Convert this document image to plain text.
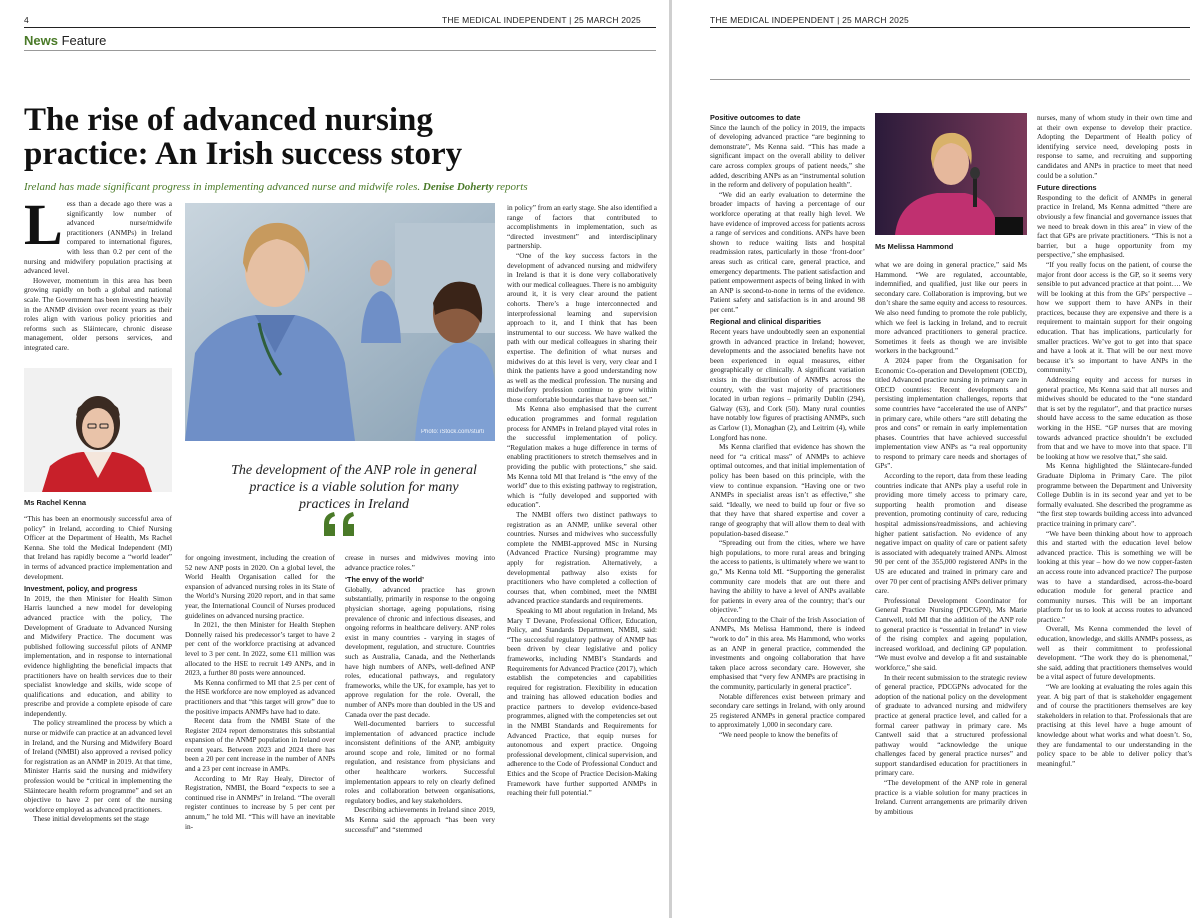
4	THE MEDICAL INDEPENDENT | 25 MARCH 2025
News Feature
The rise of advanced nursing practice: An Irish success story
Ireland has made significant progress in implementing advanced nurse and midwife roles. Denise Doherty reports

Less than a decade ago there was a significantly low number of advanced nurse/midwife practitioners (ANMPs) in Ireland compared to international figures, with less than 0.2 per cent of the nursing and midwifery population practising at advanced level.

However, momentum in this area has been growing rapidly on both a global and national scale. The Government has been investing heavily in the ANMP division over recent years as their roles align with various policy priorities and reforms such as Sláintecare, chronic disease management, older persons services, and integrated care.

Ms Rachel Kenna

“This has been an enormously successful area of policy” in Ireland, according to Chief Nursing Officer at the Department of Health, Ms Rachel Kenna. She told the Medical Independent (MI) that Ireland has rapidly become a “world leader” in terms of advanced practice implementation and development.

Investment, policy, and progress

In 2019, the then Minister for Health Simon Harris launched a new model for developing advanced practice with the policy, The Development of Graduate to Advanced Nursing and Midwifery Practice. The document was published following successful pilots of ANMP implementation, and in response to international evidence highlighting the beneficial impacts that practitioners have on health services due to their specialist knowledge and skills, wide scope of qualifications and education, and ability to prescribe and provide a complete episode of care independently.

The policy streamlined the process by which a nurse or midwife can practice at an advanced level in Ireland, and the Nursing and Midwifery Board of Ireland (NMBI) also approved a revised policy for registration as an ANMP in 2019. At that time, Minister Harris said the nursing and midwifery profession would be “critical in implementing the Sláintecare health reform programme” and set an objective to have 2 per cent of the nursing workforce employed as advanced practitioners.

These initial developments set the stage

Photo: iStock.com/sturti
The development of the ANP role in general practice is a viable solution for many practices in Ireland

for ongoing investment, including the creation of 52 new ANP posts in 2020. On a global level, the World Health Organisation called for the expansion of advanced nursing roles in its State of the World’s Nursing 2020 report, and in that same year, the International Council of Nurses produced guidelines on advanced nursing practice.

In 2021, the then Minister for Health Stephen Donnelly raised his predecessor’s target to have 2 per cent of the workforce practising at advanced level to 3 per cent. In 2022, some €11 million was allocated to the HSE to recruit 149 ANPs, and in 2023, a further 80 posts were announced.

Ms Kenna confirmed to MI that 2.5 per cent of the HSE workforce are now employed as advanced practitioners and that “this target will grow” due to the positive impacts ANMPs have had to date.

Recent data from the NMBI State of the Register 2024 report demonstrates this substantial expansion of the ANMP population in Ireland over recent years. Between 2023 and 2024 there has been a 20 per cent increase in the number of ANPs and a 23 per cent increase in AMPs.

According to Mr Ray Healy, Director of Registration, NMBI, the Board “expects to see a continued rise in ANMPs” in Ireland. “The overall register continues to increase by 5 per cent per annum,” he told MI. “This will have an inevitable in-

crease in nurses and midwives moving into advance practice roles.”

‘The envy of the world’

Globally, advanced practice has grown substantially, primarily in response to the ongoing physician shortage, ageing populations, rising prevalence of chronic and infectious diseases, and ongoing reforms in healthcare delivery. ANP roles exist in many countries - varying in stages of development, regulation, and structure. Countries such as Australia, Canada, and the Netherlands have high numbers of ANPs, well-defined ANP roles, educational pathways, and regulatory frameworks, while the UK, for example, has yet to approve regulation for the role. Overall, the number of ANPs more than doubled in the US and Canada over the past decade.

Well-documented barriers to successful implementation of advanced practice include inconsistent definitions of the ANP, ambiguity around scope and role, limited or no formal regulation, and resistance from physicians and other healthcare workers. Successful implementation appears to rely on clearly defined roles and collaboration between organisations, regulatory bodies, and key stakeholders.

Describing achievements in Ireland since 2019, Ms Kenna said the approach “has been very successful” and “stemmed

in policy” from an early stage. She also identified a range of factors that contributed to accomplishments in implementation, such as “directed investment” and interdisciplinary partnership.

“One of the key success factors in the development of advanced nursing and midwifery in Ireland is that it is done very collaboratively with our medical colleagues. There is no ambiguity around it, it is very clear around the patient cohorts. There’s a huge interconnected and interprofessional learning and supervision approach to it, and I think that has been instrumental to our success. We have walked the path with our medical colleagues in sharing their expertise. The definition of what nurses and midwives do at this level is very, very clear and I think the patients have a good understanding now as well as the medical profession. The nursing and midwifery profession continue to grow within those comfortable boundaries that have been set.”

Ms Kenna also emphasised that the current education programmes and formal regulation process for ANMPs in Ireland played vital roles in the successful implementation of policy. “Regulation makes a huge difference in terms of enabling practitioners to stretch themselves and in providing the public with protections,” she said. Ms Kenna told MI that Ireland is “the envy of the world” due to this existing pathway to registration, which is “fully developed and supported with education”.

The NMBI offers two distinct pathways to registration as an ANMP, unlike several other countries. Nurses and midwives who successfully complete the NMBI-approved MSc in Nursing (Advanced Practice Nursing) programme may apply for registration. Alternatively, a developmental pathway also exists for practitioners who have completed a collection of courses that, when combined, meet the NMBI advanced practice standards and requirements.

Speaking to MI about regulation in Ireland, Ms Mary T Devane, Professional Officer, Education, Policy, and Standards Department, NMBI, said: “The successful regulatory pathway of ANMP has been driven by clear legislative and policy frameworks, including NMBI’s Standards and Requirements for Advanced Practice (2017), which establish the competencies and capabilities required for registration. Flexibility in education and training has allowed education bodies and practice partners to develop evidence-based programmes, aligned with the competencies set out in the NMBI Standards and Requirements for Advanced Practice, that equip nurses for autonomous and expert practice. Ongoing professional development, clinical supervision, and adherence to the Code of Professional Conduct and Ethics and the Scope of Practice Decision-Making Framework have further supported ANMPs in reaching their full potential.”

THE MEDICAL INDEPENDENT | 25 MARCH 2025
Positive outcomes to date

Since the launch of the policy in 2019, the impacts of developing advanced practice “are beginning to demonstrate”, Ms Kenna said. “This has made a significant impact on the overall ability to deliver care across complex groups of patient needs,” she added, describing ANPs as an “instrumental solution in the reform and delivery of population health”.

“We did an early evaluation to determine the broader impacts of having a percentage of our workforce operating at that really high level. We have evidence of improved access for patients across a range of services and conditions. ANPs have been shown to reduce waiting lists and hospital readmission rates, particularly in those ‘front-door’ areas such as critical care, general practice, and emergency departments. The patient satisfaction and patient empowerment aspects of being linked in with an ANP is second-to-none in terms of the evidence. Patient safety and satisfaction is in and around 98 per cent.”

Regional and clinical disparities

Recent years have undoubtedly seen an exponential growth in advanced practice in Ireland; however, developments and the associated benefits have not been experienced in equal measures, either geographically or clinically. A significant variation exists in the distribution of ANMPs across the country, with the vast majority of practitioners located in urban regions – primarily Dublin (294), Galway (63), and Cork (50). Many rural counties have notably low figures of practising ANMPs, such as Carlow (1), Monaghan (2), and Leitrim (4), while Longford has none.

Ms Kenna clarified that evidence has shown the need for “a critical mass” of ANMPs to achieve optimal outcomes, and that initial implementation of policy has been based on this principle, with the view to continue expansion. “Having one or two ANMPs in specialist areas isn’t as effective,” she said. “Ideally, we need to build up four or five so that they have that shared expertise and cover a range of geography that will allow them to deal with population-based disease.”

“Spreading out from the cities, where we have high populations, to more rural areas and bringing the access to patients, is ultimately where we want to go,” Ms Kenna told MI. “Supporting the generalist community care models that are out there and having the ability to have a level of ANPs available for patients in every area of the country; that’s our objective.”

According to the Chair of the Irish Association of ANMPs, Ms Melissa Hammond, there is indeed “work to do” in this area. Ms Hammond, who works as an ANP in general practice, commended the investments and ongoing collaboration that have taken place across secondary care. However, she emphasised that “very few ANMPs are practising in the community, particularly in general practice”.

Notable differences exist between primary and secondary care settings in Ireland, with only around 25 registered ANMPs in general practice compared to approximately 1,000 in secondary care.

“We need people to know the benefits of

Ms Melissa Hammond

what we are doing in general practice,” said Ms Hammond. “We are regulated, accountable, indemnified, and qualified, just like our peers in secondary care. Collaboration is improving, but we don’t share the same equity and access to resources. We also need funding to promote the role publicly, which we feel is lacking in Ireland, and to recruit more advanced practitioners to general practice. Sometimes it feels as though we are invisible workers in the background.”

A 2024 paper from the Organisation for Economic Co-operation and Development (OECD), titled Advanced practice nursing in primary care in OECD countries: Recent developments and persisting implementation challenges, reports that some countries have “accelerated the use of ANPs” in primary care, while others “are still debating the pros and cons” or remain in early implementation phases. Countries that have achieved successful implementation view ANPs as “a real opportunity to respond to primary care needs and shortages of GPs”.

According to the report, data from these leading countries indicate that ANPs play a useful role in providing more timely access to primary care, supporting health promotion and disease prevention, promoting continuity of care, reducing hospital admissions/readmissions, and achieving higher patient satisfaction. No evidence of any negative impact on quality of care or patient safety is associated with adequately trained ANPs. Almost 90 per cent of the 355,000 registered ANPs in the US are educated and trained in primary care and over 70 per cent of practising ANPs deliver primary care.

Professional Development Coordinator for General Practice Nursing (PDCGPN), Ms Marie Cantwell, told MI that the addition of the ANP role to general practice is “essential in Ireland” in view of the rising complex and ageing population, increased workload, and declining GP population. “We must evolve and develop a fit and sustainable workforce,” she said.

In their recent submission to the strategic review of general practice, PDCGPNs advocated for the adoption of the national policy on the development of graduate to advanced nursing and midwifery practice at general practice level, and called for a formal career pathway in primary care. Ms Cantwell said that a structured professional pathway would “acknowledge the unique challenges faced by general practice nurses” and support standardised education for practitioners in primary care.

“The development of the ANP role in general practice is a viable solution for many practices in Ireland. Current arrangements are primarily driven by ambitious

nurses, many of whom study in their own time and at their own expense to develop their practice. Adopting the Department of Health policy of identifying service need, developing posts in response to same, and recruiting and supporting candidates and ANPs in practice to meet that need could be a solution.”

Future directions

Responding to the deficit of ANMPs in general practice in Ireland, Ms Kenna admitted “there are obviously a few financial and governance issues that we need to break down in this area” in view of the fact that GPs are private practitioners. “This is not a barrier, but a huge opportunity from my perspective,” she emphasised.

“If you really focus on the patient, of course the major front door access is the GP, so it seems very sensible to put advanced practice at that point…. We will be looking at this from the GPs’ perspective – how we support them to have ANPs in their practices, because they are expensive and there is a requirement to maintain support for their ongoing education. That has implications, particularly for smaller practices. We’ve got to get into that space and have a look at it. That will be our next move because it’s so important to have ANPs in the community.”

Addressing equity and access for nurses in general practice, Ms Kenna said that all nurses and midwives should be educated to the “one standard that is set by the regulator”, and that practice nurses should have access to the same education as those working in the HSE. “GP nurses that are moving towards advanced practice shouldn’t be excluded from that and we have to move into that space. I’ll be looking at how we resolve that,” she said.

Ms Kenna highlighted the Sláintecare-funded Graduate Diploma in Primary Care. The pilot programme between the Department and University College Dublin is in its second year and yet to be formally evaluated. She described the programme as “the first step towards building access into advanced practice training in primary care”.

“We have been thinking about how to approach this and started with the education level below advanced practice. This is something we will be looking at this year – how do we now copper-fasten an access route into advanced practice? The purpose was to have a standardised, across-the-board education module for general practice and community nurses. This will be an important platform for us to look at access routes to advanced practice.”

Overall, Ms Kenna commended the level of education, knowledge, and skills ANMPs possess, as well as their commitment to professional development. “The work they do is phenomenal,” she said, adding that practitioners themselves would be a vital aspect of future developments.

“We are looking at evaluating the roles again this year. A big part of that is stakeholder engagement and of course the practitioners themselves are key stakeholders in relation to that. Professionals that are practising at this level have a huge amount of knowledge about what works and what doesn’t. So, they are fundamental to our understanding in the policy space to be able to deliver policy that’s meaningful.”
